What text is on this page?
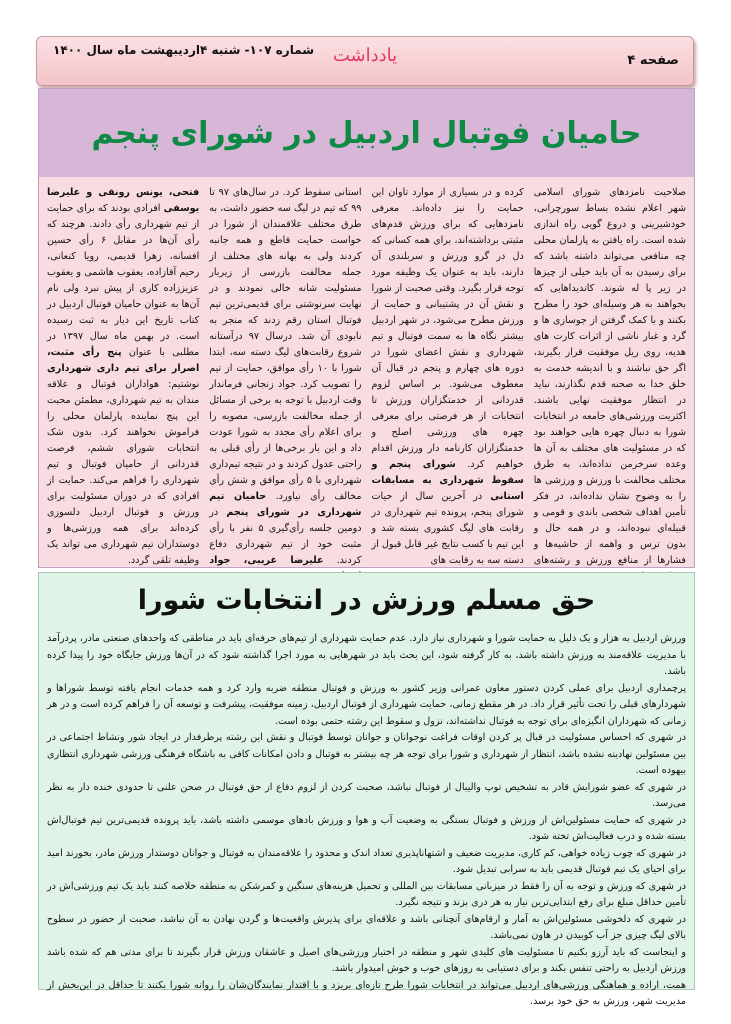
صفحه ۴
یادداشت
شماره ۱۰۷- شنبه ۴اردیبهشت ماه سال ۱۴۰۰
حامیان فوتبال اردبیل در شورای پنجم

صلاحیت نامزدهای شورای اسلامی شهر اعلام نشده بساط سورچرانی، خودشیرینی و دروغ گویی راه اندازی شده است. راه یافتن به پارلمان محلی چه منافعی می‌تواند داشته باشد که برای رسیدن به آن باید خیلی از چیزها در زیر پا له شوند. کاندیداهایی که بخواهند به هر وسیله‌ای خود را مطرح بکنند و با کمک گرفتن از جوسازی ها و گرد و غبار ناشی از اثرات کارت های هدیه، روی ریل موفقیت قرار بگیرند، اگر حق نباشند و با اندیشه خدمت به خلق خدا به صحنه قدم نگذارند، نباید در انتظار موفقیت نهایی باشند. اکثریت ورزشی‌های جامعه در انتخابات شورا به دنبال چهره هایی خواهند بود که در مسئولیت های مختلف به آن ها وعده سرخرمن نداده‌اند، به طرق مختلف مخالفت با ورزش و ورزشی ها را به وضوح نشان نداده‌اند، در فکر تأمین اهداف شخصی باندی و قومی و قبیله‌ای نبوده‌اند، و در همه حال و بدون ترس و واهمه از حاشیه‌ها و فشارها از منافع ورزش و رشته‌های

کرده و در بسیاری از موارد تاوان این حمایت را نیز داده‌اند. معرفی نامزدهایی که برای ورزش قدم‌های مثبتی برداشته‌اند، برای همه کسانی که دل در گرو ورزش و سربلندی آن دارند، باید به عنوان یک وظیفه مورد توجه قرار بگیرد. وقتی صحبت از شورا و نقش آن در پشتیبانی و حمایت از ورزش مطرح می‌شود، در شهر اردبیل بیشتر نگاه ها به سمت فوتبال و تیم شهرداری و نقش اعضای شورا در دوره های چهارم و پنجم در قبال آن معطوف می‌شود. بر اساس لزوم قدردانی از خدمتگزاران ورزش تا انتخابات از هر فرصتی برای معرفی چهره های ورزشی اصلح و خدمتگزاران کارنامه دار ورزش اقدام خواهیم کرد. شورای پنجم و سقوط شهرداری به مسابقات استانی در آخرین سال از حیات شورای پنجم، پرونده تیم شهرداری در رقابت های لیگ کشوری بسته شد و این تیم با کسب نتایج غیر قابل قبول از دسته سه به رقابت های

استانی سقوط کرد. در سال‌های ۹۷ تا ۹۹ که تیم در لیگ سه حضور داشت، به طرق مختلف علاقمندان از شورا در خواست حمایت قاطع و همه جانبه کردند ولی به بهانه های مختلف از جمله مخالفت بازرسی از زیربار مسئولیت شانه خالی نمودند و در نهایت سرنوشتی برای قدیمی‌ترین تیم فوتبال استان رقم زدند که منجر به نابودی آن شد. درسال ۹۷ درآستانه شروع رقابت‌های لیگ دسته سه، ابتدا شورا با ۱۰ رأی موافق، حمایت از تیم را تصویب کرد. جواد زنجانی فرماندار وقت اردبیل با توجه به برخی از مسائل از جمله مخالفت بازرسی، مصوبه را برای اعلام رأی مجدد به شورا عودت داد و این بار برخی‌ها از رأی قبلی به راحتی عدول کردند و در نتیجه تیم‌داری شهرداری با ۵ رأی موافق و شش رأی مخالف رأی نیاورد. حامیان تیم شهرداری در شورای پنجم در دومین جلسه رأی‌گیری ۵ نفر با رأی مثبت خود از تیم شهرداری دفاع کردند. علیرضا غریبی، جواد

فتحی، یونس رونقی و علیرضا یوسفی افرادی بودند که برای حمایت از تیم شهرداری رأی دادند. هرچند که رأی آن‌ها در مقابل ۶ رأی حسین افسانه، زهرا قدیمی، رویا کنعانی، رحیم آقازاده، یعقوب هاشمی و یعقوب عزیززاده کاری از پیش نبرد ولی نام آن‌ها به عنوان حامیان فوتبال اردبیل در کتاب تاریخ این دیار به ثبت رسیده است. در بهمن ماه سال ۱۳۹۷ در مطلبی با عنوان پنج رأی مثبت، اصرار برای تیم داری شهرداری نوشتیم: هواداران فوتبال و علاقه مندان به تیم شهرداری، مطمئن محبت این پنج نماینده پارلمان محلی را فراموش نخواهند کرد. بدون شک انتخابات شورای ششم، فرصت قدردانی از حامیان فوتبال و تیم شهرداری را فراهم می‌کند. حمایت از افرادی که در دوران مسئولیت برای ورزش و فوتبال اردبیل دلسوزی کرده‌اند برای همه ورزشی‌ها و دوستداران تیم شهرداری می تواند یک وظیفه تلقی گردد.

حق مسلم ورزش در انتخابات شورا

ورزش اردبیل به هزار و یک دلیل به حمایت شورا و شهرداری نیاز دارد. عدم حمایت شهرداری از تیم‌های حرفه‌ای باید در مناطقی که واحدهای صنعتی مادر، پردرآمد با مدیریت علاقه‌مند به ورزش داشته باشد، به کار گرفته شود، این بحث باید در شهرهایی به مورد اجرا گذاشته شود که در آن‌ها ورزش جایگاه خود را پیدا کرده باشد.

پرچمداری اردبیل برای عملی کردن دستور معاون عمرانی وزیر کشور به ورزش و فوتبال منطقه ضربه وارد کرد و همه خدمات انجام یافته توسط شوراها و شهردارهای قبلی را تحت تأثیر قرار داد. در هر مقطع زمانی، حمایت شهرداری از فوتبال اردبیل، زمینه موفقیت، پیشرفت و توسعه آن را فراهم کرده است و در هر زمانی که شهرداران انگیزه‌ای برای توجه به فوتبال نداشته‌اند، نزول و سقوط این رشته حتمی بوده است.

در شهری که احساس مسئولیت در قبال پر کردن اوقات فراغت نوجوانان و جوانان توسط فوتبال و نقش این رشته پرطرفدار در ایجاد شور ونشاط اجتماعی در بین مسئولین نهادینه نشده باشد، انتظار از شهرداری و شورا برای توجه هر چه بیشتر به فوتبال و دادن امکانات کافی به باشگاه فرهنگی ورزشی شهرداری انتظاری بیهوده است.

در شهری که عضو شورایش قادر به تشخیص توپ والیبال از فوتبال نباشد، صحبت کردن از لزوم دفاع از حق فوتبال در صحن علنی تا حدودی خنده دار به نظر می‌رسد.

در شهری که حمایت مسئولین‌اش از ورزش و فوتبال بستگی به وضعیت آب و هوا و ورزش بادهای موسمی داشته باشد، باید پرونده قدیمی‌ترین تیم فوتبال‌اش بسته شده و درب فعالیت‌اش تخته شود.

در شهری که چوب زیاده خواهی، کم کاری، مدیریت ضعیف و اشتهاناپذیری تعداد اندک و محدود را علاقه‌مندان به فوتبال و جوانان دوستدار ورزش مادر، بخورند امید برای احیای یک تیم فوتبال قدیمی باید به سرابی تبدیل شود.

در شهری که ورزش و توجه به آن را فقط در میزبانی مسابقات بین المللی و تحمیل هزینه‌های سنگین و کمرشکن به منطقه خلاصه کنند باید یک تیم ورزشی‌اش در تأمین حداقل مبلغ برای رفع ابتدایی‌ترین نیاز به هر دری بزند و نتیجه نگیرد.

در شهری که دلخوشی مسئولین‌اش به آمار و ارقام‌های آنچنانی باشد و علاقه‌ای برای پذیرش واقعیت‌ها و گردن نهادن به آن نباشد، صحبت از حضور در سطوح بالای لیگ چیزی جز آب کوبیدن در هاون نمی‌باشد.

و اینجاست که باید آرزو بکنیم تا مسئولیت های کلیدی شهر و منطقه در اختیار ورزشی‌های اصیل و عاشقان ورزش قرار بگیرند تا برای مدتی هم که شده باشد ورزش اردبیل به راحتی تنفس بکند و برای دستیابی به روزهای خوب و خوش امیدوار باشد.

همت، اراده و هماهنگی ورزشی‌های اردبیل می‌تواند در انتخابات شورا طرح تازه‌ای بریزد و با اقتدار نمایندگان‌شان را روانه شورا بکنند تا حداقل در این‌بخش از مدیریت شهر، ورزش به حق خود برسد.
